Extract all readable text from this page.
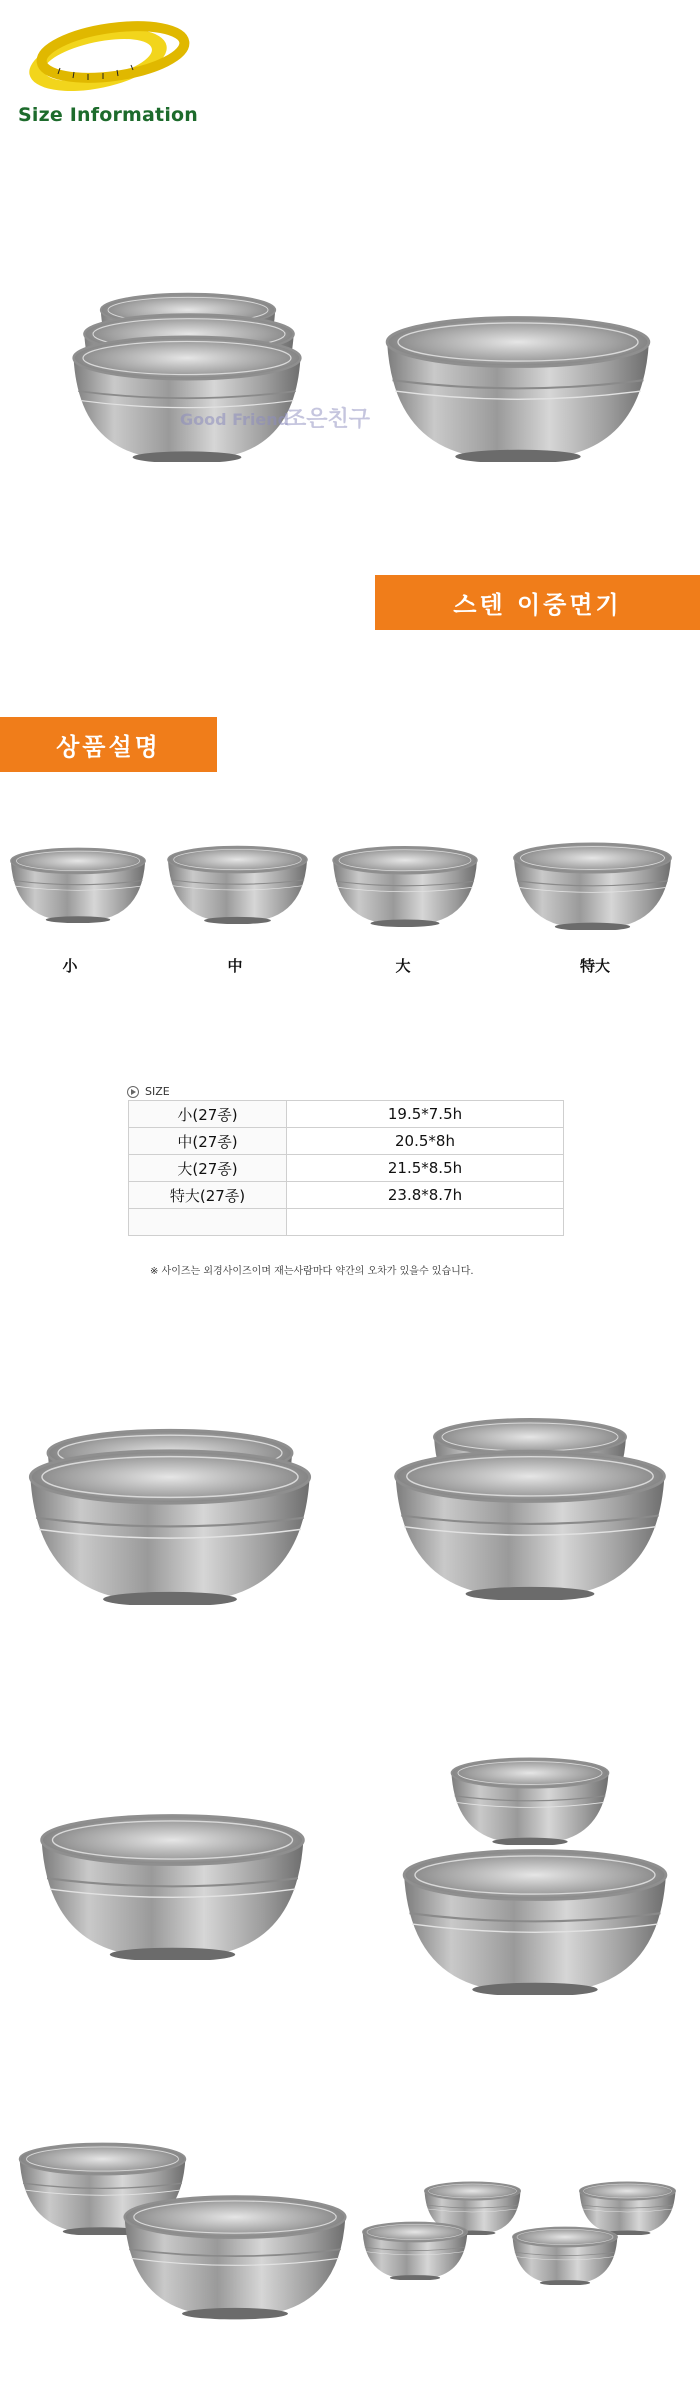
Size Information
Good Friend
조은친구
스텐 이중면기
상품설명
小	中	大	特大
SIZE
小(27종)	19.5*7.5h
中(27종)	20.5*8h
大(27종)	21.5*8.5h
特大(27종)	23.8*8.7h

※ 사이즈는 외경사이즈이며 재는사람마다 약간의 오차가 있을수 있습니다.
